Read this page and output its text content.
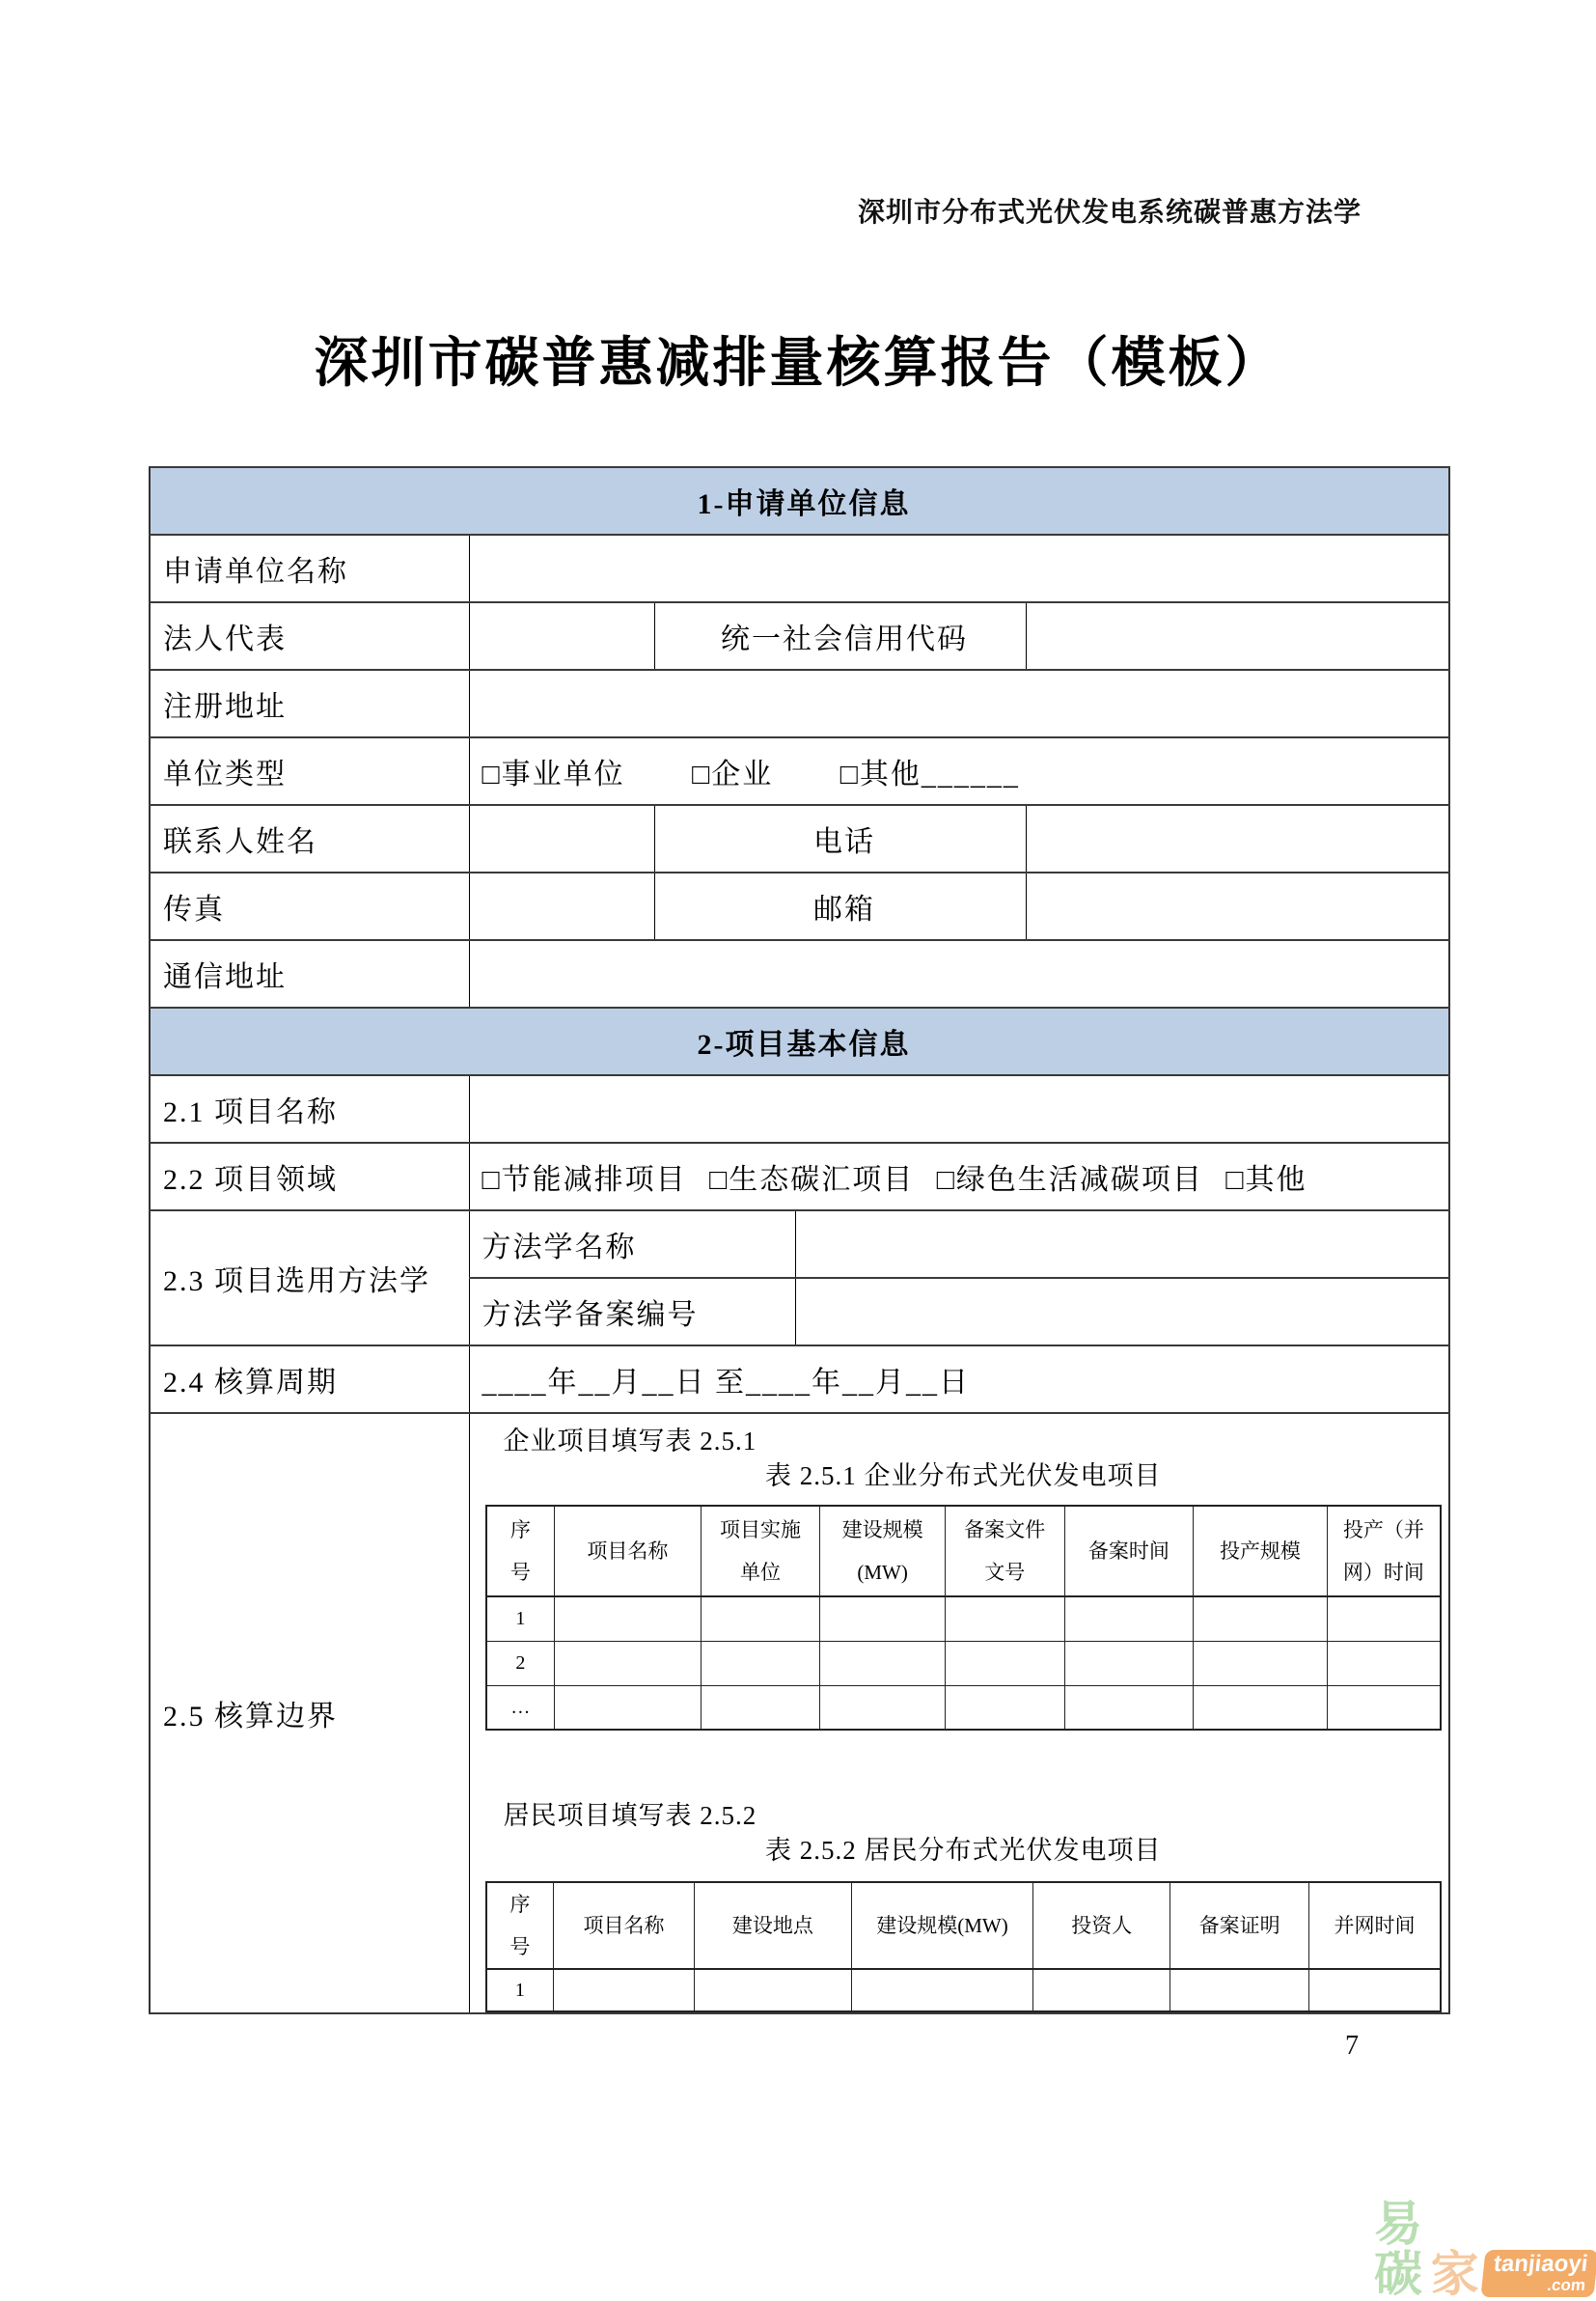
深圳市分布式光伏发电系统碳普惠方法学
深圳市碳普惠减排量核算报告（模板）
1-申请单位信息
申请单位名称	
法人代表		统一社会信用代码	
注册地址	
单位类型	□事业单位 □企业 □其他______
联系人姓名		电话	
传真		邮箱	
通信地址	
2-项目基本信息
2.1 项目名称	
2.2 项目领域	□节能减排项目 □生态碳汇项目 □绿色生活减碳项目 □其他
2.3 项目选用方法学	方法学名称	
方法学备案编号	
2.4 核算周期	____年__月__日 至____年__月__日
2.5 核算边界	
企业项目填写表 2.5.1
表 2.5.1 企业分布式光伏发电项目
序号	项目名称	项目实施单位	建设规模(MW)	备案文件文号	备案时间	投产规模	投产（并网）时间
1							
2							
…							
居民项目填写表 2.5.2
表 2.5.2 居民分布式光伏发电项目
序号	项目名称	建设地点	建设规模(MW)	投资人	备案证明	并网时间
1						
7
易碳 家 tanjiaoyi
.com
